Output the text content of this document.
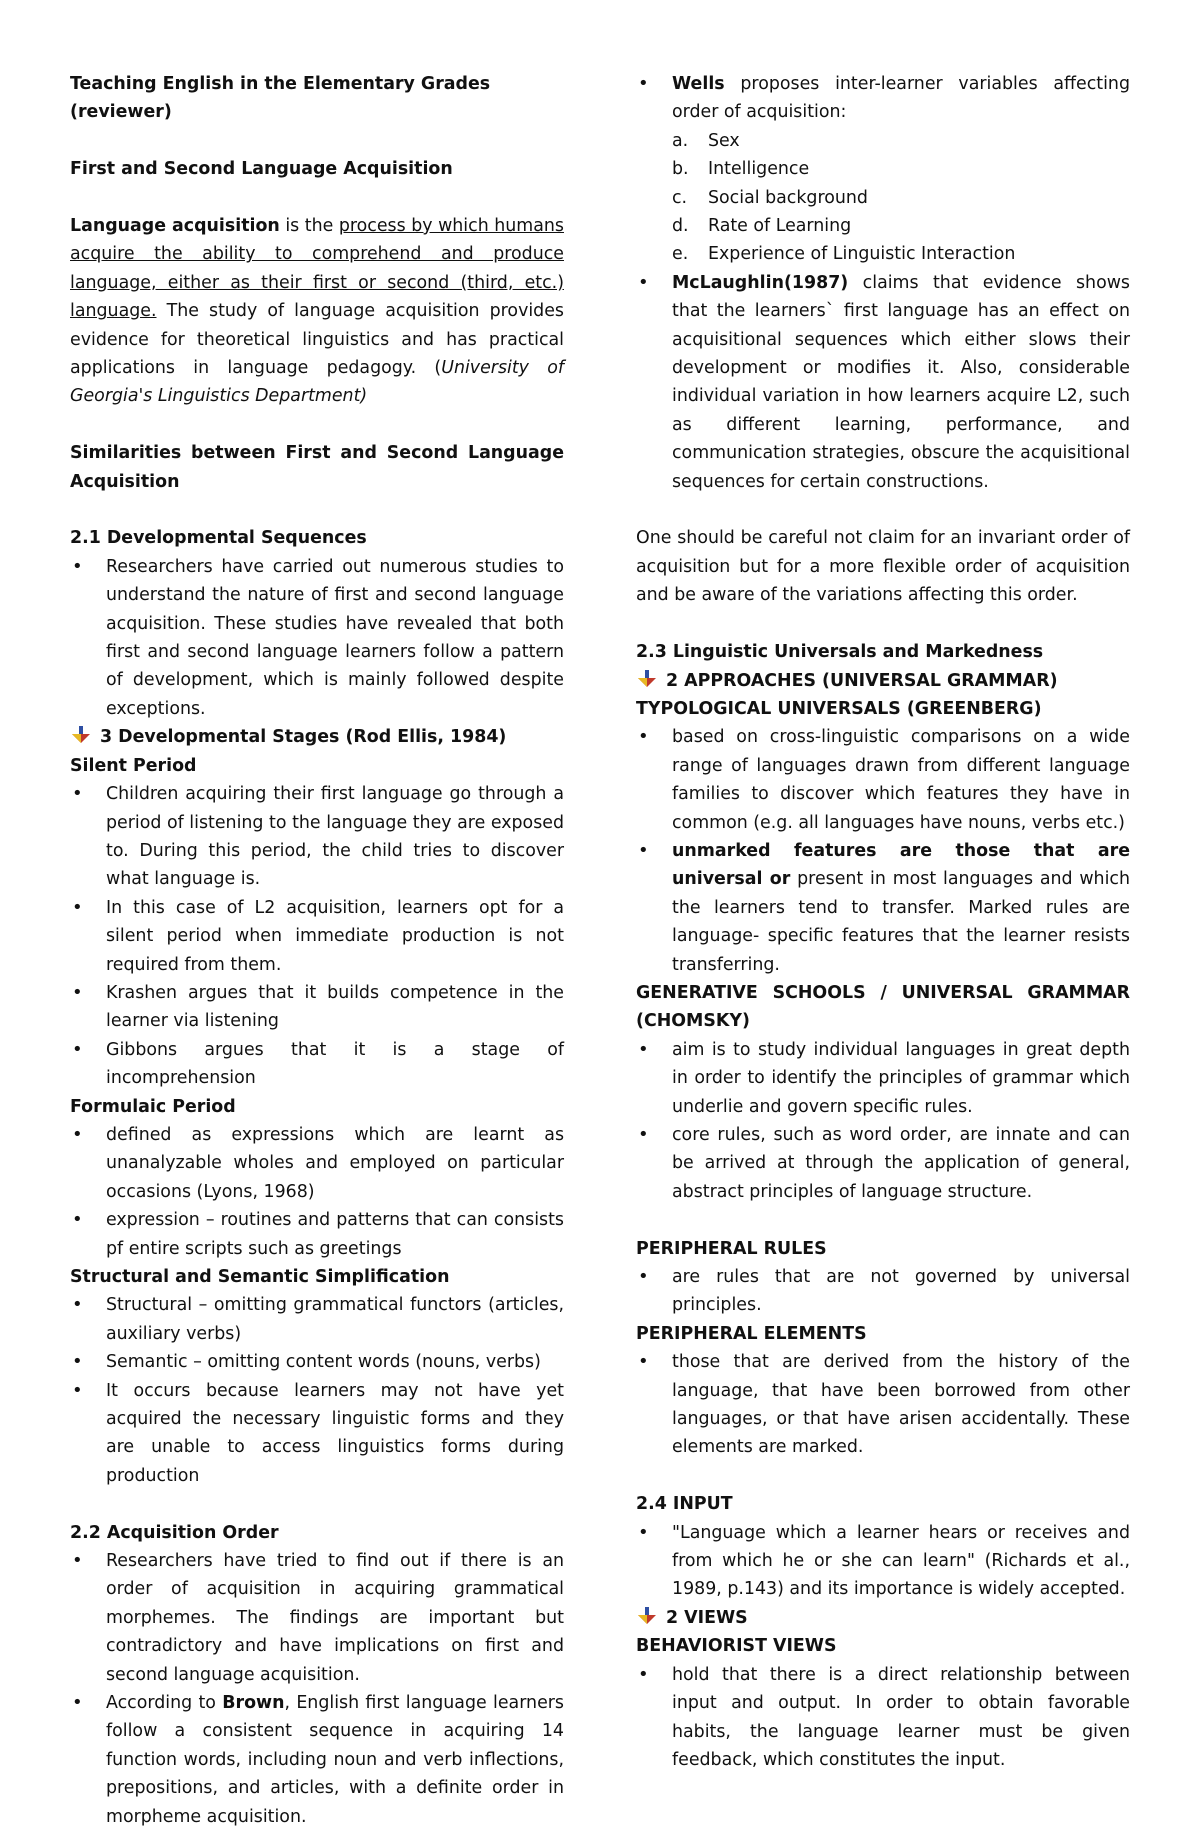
Teaching English in the Elementary Grades (reviewer)

First and Second Language Acquisition

Language acquisition is the process by which humans acquire the ability to comprehend and produce language, either as their first or second (third, etc.) language. The study of language acquisition provides evidence for theoretical linguistics and has practical applications in language pedagogy. (University of Georgia's Linguistics Department)

Similarities between First and Second Language Acquisition

2.1 Developmental Sequences

• Researchers have carried out numerous studies to understand the nature of first and second language acquisition. These studies have revealed that both first and second language learners follow a pattern of development, which is mainly followed despite exceptions.

3 Developmental Stages (Rod Ellis, 1984)

Silent Period

• Children acquiring their first language go through a period of listening to the language they are exposed to. During this period, the child tries to discover what language is.
• In this case of L2 acquisition, learners opt for a silent period when immediate production is not required from them.
• Krashen argues that it builds competence in the learner via listening
• Gibbons argues that it is a stage of incomprehension

Formulaic Period

• defined as expressions which are learnt as unanalyzable wholes and employed on particular occasions (Lyons, 1968)
• expression – routines and patterns that can consists pf entire scripts such as greetings

Structural and Semantic Simplification

• Structural – omitting grammatical functors (articles, auxiliary verbs)
• Semantic – omitting content words (nouns, verbs)
• It occurs because learners may not have yet acquired the necessary linguistic forms and they are unable to access linguistics forms during production

2.2 Acquisition Order

• Researchers have tried to find out if there is an order of acquisition in acquiring grammatical morphemes. The findings are important but contradictory and have implications on first and second language acquisition.
• According to Brown, English first language learners follow a consistent sequence in acquiring 14 function words, including noun and verb inflections, prepositions, and articles, with a definite order in morpheme acquisition.
• Wells proposes inter-learner variables affecting order of acquisition:
a. Sex
b. Intelligence
c. Social background
d. Rate of Learning
e. Experience of Linguistic Interaction
• McLaughlin(1987) claims that evidence shows that the learners` first language has an effect on acquisitional sequences which either slows their development or modifies it. Also, considerable individual variation in how learners acquire L2, such as different learning, performance, and communication strategies, obscure the acquisitional sequences for certain constructions.

One should be careful not claim for an invariant order of acquisition but for a more flexible order of acquisition and be aware of the variations affecting this order.

2.3 Linguistic Universals and Markedness

2 APPROACHES (UNIVERSAL GRAMMAR)

TYPOLOGICAL UNIVERSALS (GREENBERG)

• based on cross-linguistic comparisons on a wide range of languages drawn from different language families to discover which features they have in common (e.g. all languages have nouns, verbs etc.)
• unmarked features are those that are universal or present in most languages and which the learners tend to transfer. Marked rules are language- specific features that the learner resists transferring.

GENERATIVE SCHOOLS / UNIVERSAL GRAMMAR (CHOMSKY)

• aim is to study individual languages in great depth in order to identify the principles of grammar which underlie and govern specific rules.
• core rules, such as word order, are innate and can be arrived at through the application of general, abstract principles of language structure.

PERIPHERAL RULES

• are rules that are not governed by universal principles.

PERIPHERAL ELEMENTS

• those that are derived from the history of the language, that have been borrowed from other languages, or that have arisen accidentally. These elements are marked.

2.4 INPUT

• "Language which a learner hears or receives and from which he or she can learn" (Richards et al., 1989, p.143) and its importance is widely accepted.

2 VIEWS

BEHAVIORIST VIEWS

• hold that there is a direct relationship between input and output. In order to obtain favorable habits, the language learner must be given feedback, which constitutes the input.
